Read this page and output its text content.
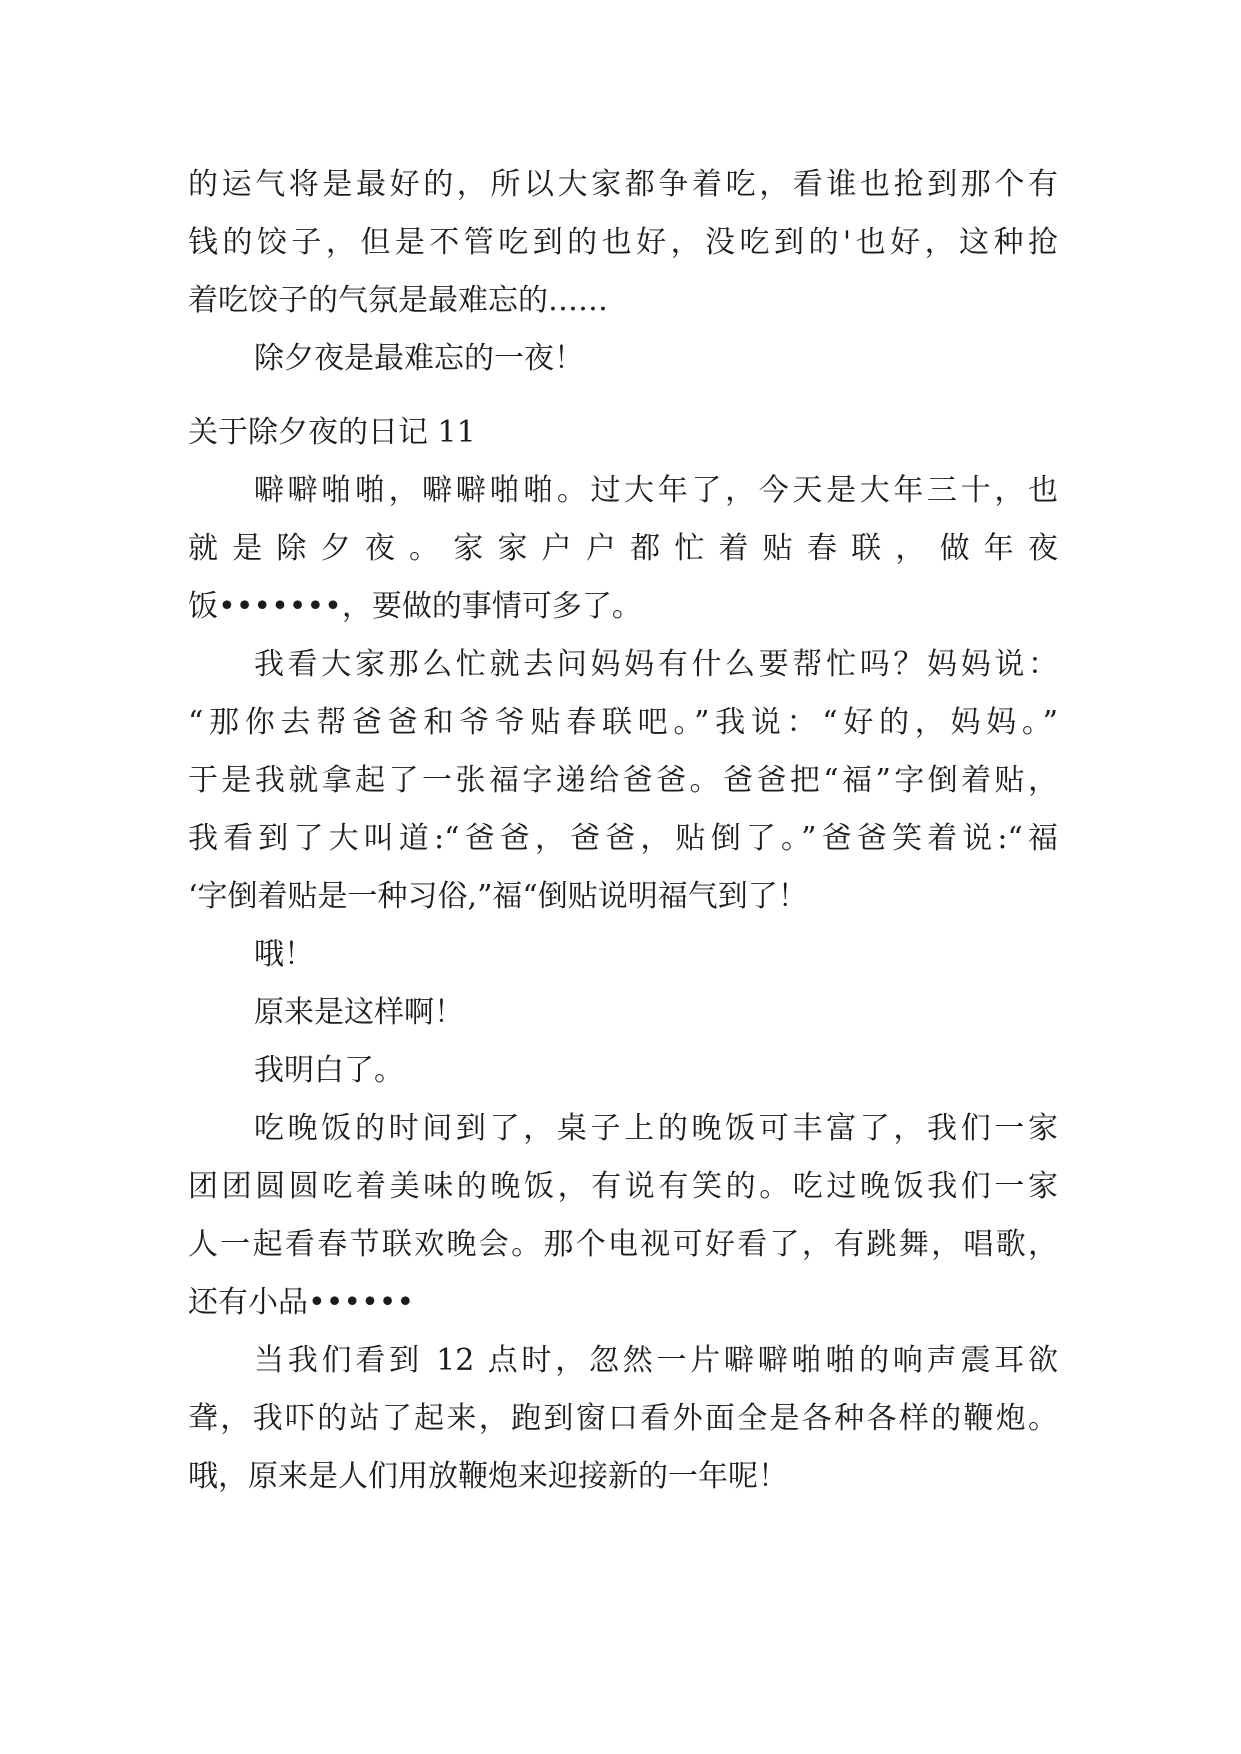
的运气将是最好的，所以大家都争着吃，看谁也抢到那个有
钱的饺子，但是不管吃到的也好，没吃到的'也好，这种抢
着吃饺子的气氛是最难忘的……
除夕夜是最难忘的一夜！
关于除夕夜的日记 11
噼噼啪啪，噼噼啪啪。过大年了，今天是大年三十，也
就 是 除 夕 夜 。 家 家 户 户 都 忙 着 贴 春 联 ， 做 年 夜
饭•••••••，要做的事情可多了。
我看大家那么忙就去问妈妈有什么要帮忙吗？妈妈说：
“那你去帮爸爸和爷爷贴春联吧。”我说：“好的，妈妈。”
于是我就拿起了一张福字递给爸爸。爸爸把“福”字倒着贴，
我看到了大叫道:“爸爸，爸爸，贴倒了。”爸爸笑着说:“福
‘字倒着贴是一种习俗,”福“倒贴说明福气到了！
哦！
原来是这样啊！
我明白了。
吃晚饭的时间到了，桌子上的晚饭可丰富了，我们一家
团团圆圆吃着美味的晚饭，有说有笑的。吃过晚饭我们一家
人一起看春节联欢晚会。那个电视可好看了，有跳舞，唱歌，
还有小品••••••
当我们看到 12 点时，忽然一片噼噼啪啪的响声震耳欲
聋，我吓的站了起来，跑到窗口看外面全是各种各样的鞭炮。
哦，原来是人们用放鞭炮来迎接新的一年呢！
